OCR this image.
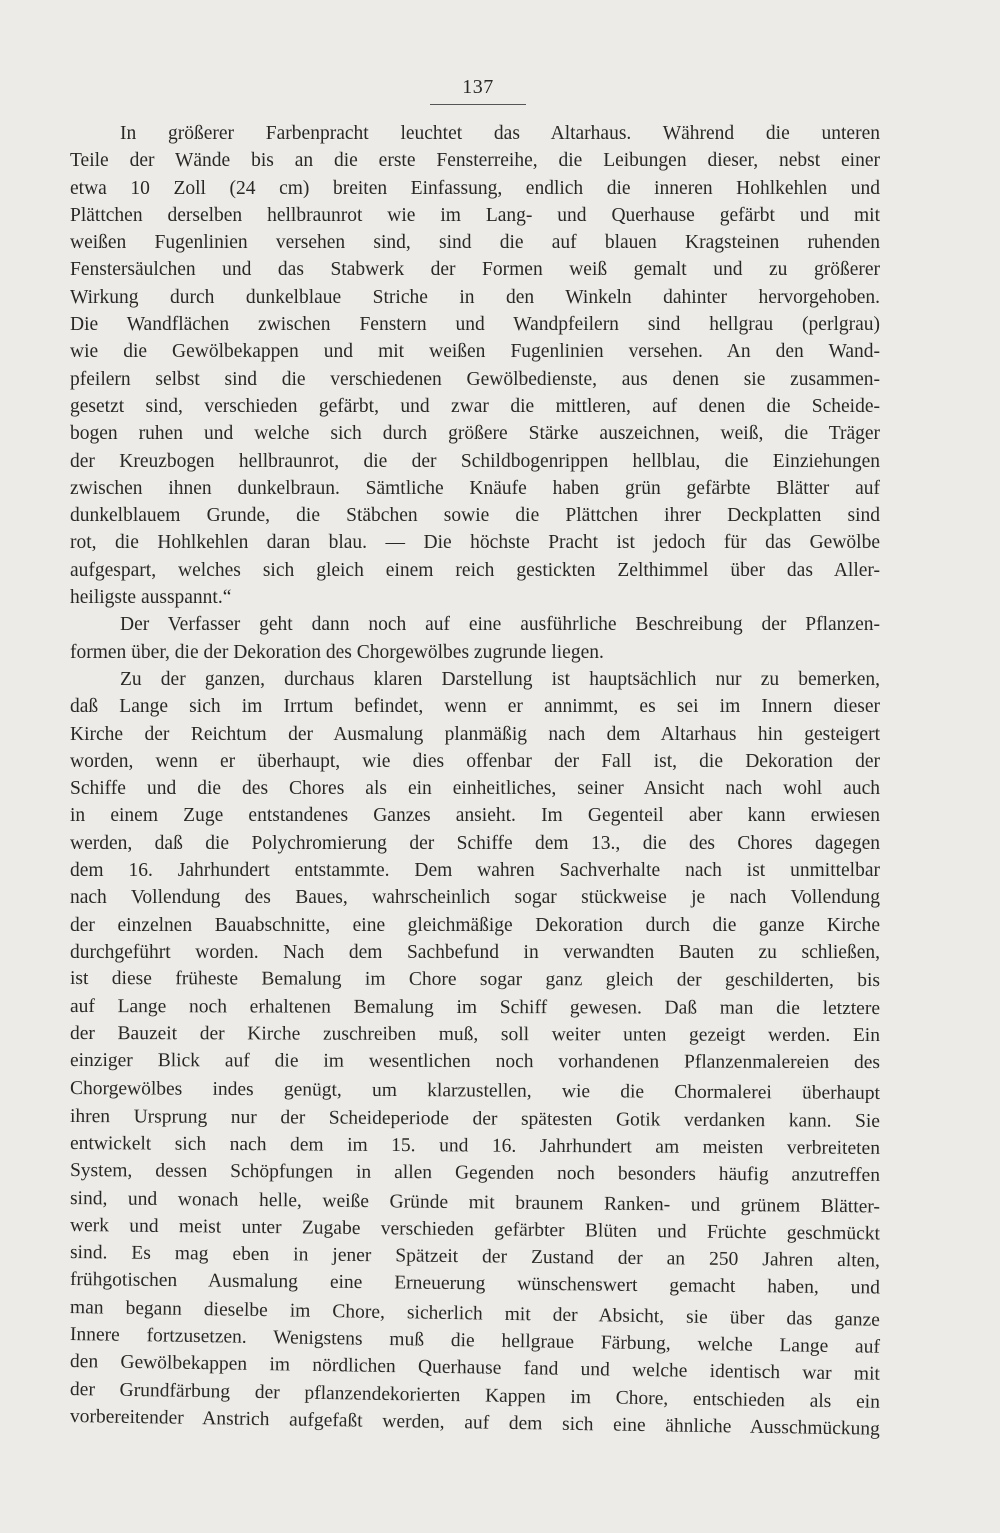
137
In größerer Farbenpracht leuchtet das Altarhaus. Während die unteren
Teile der Wände bis an die erste Fensterreihe, die Leibungen dieser, nebst einer
etwa 10 Zoll (24 cm) breiten Einfassung, endlich die inneren Hohlkehlen und
Plättchen derselben hellbraunrot wie im Lang- und Querhause gefärbt und mit
weißen Fugenlinien versehen sind, sind die auf blauen Kragsteinen ruhenden
Fenstersäulchen und das Stabwerk der Formen weiß gemalt und zu größerer
Wirkung durch dunkelblaue Striche in den Winkeln dahinter hervorgehoben.
Die Wandflächen zwischen Fenstern und Wandpfeilern sind hellgrau (perlgrau)
wie die Gewölbekappen und mit weißen Fugenlinien versehen. An den Wand-
pfeilern selbst sind die verschiedenen Gewölbedienste, aus denen sie zusammen-
gesetzt sind, verschieden gefärbt, und zwar die mittleren, auf denen die Scheide-
bogen ruhen und welche sich durch größere Stärke auszeichnen, weiß, die Träger
der Kreuzbogen hellbraunrot, die der Schildbogenrippen hellblau, die Einziehungen
zwischen ihnen dunkelbraun. Sämtliche Knäufe haben grün gefärbte Blätter auf
dunkelblauem Grunde, die Stäbchen sowie die Plättchen ihrer Deckplatten sind
rot, die Hohlkehlen daran blau. — Die höchste Pracht ist jedoch für das Gewölbe
aufgespart, welches sich gleich einem reich gestickten Zelthimmel über das Aller-
heiligste ausspannt.“
Der Verfasser geht dann noch auf eine ausführliche Beschreibung der Pflanzen-
formen über, die der Dekoration des Chorgewölbes zugrunde liegen.
Zu der ganzen, durchaus klaren Darstellung ist hauptsächlich nur zu bemerken,
daß Lange sich im Irrtum befindet, wenn er annimmt, es sei im Innern dieser
Kirche der Reichtum der Ausmalung planmäßig nach dem Altarhaus hin gesteigert
worden, wenn er überhaupt, wie dies offenbar der Fall ist, die Dekoration der
Schiffe und die des Chores als ein einheitliches, seiner Ansicht nach wohl auch
in einem Zuge entstandenes Ganzes ansieht. Im Gegenteil aber kann erwiesen
werden, daß die Polychromierung der Schiffe dem 13., die des Chores dagegen
dem 16. Jahrhundert entstammte. Dem wahren Sachverhalte nach ist unmittelbar
nach Vollendung des Baues, wahrscheinlich sogar stückweise je nach Vollendung
der einzelnen Bauabschnitte, eine gleichmäßige Dekoration durch die ganze Kirche
durchgeführt worden. Nach dem Sachbefund in verwandten Bauten zu schließen,
ist diese früheste Bemalung im Chore sogar ganz gleich der geschilderten, bis
auf Lange noch erhaltenen Bemalung im Schiff gewesen. Daß man die letztere
der Bauzeit der Kirche zuschreiben muß, soll weiter unten gezeigt werden. Ein
einziger Blick auf die im wesentlichen noch vorhandenen Pflanzenmalereien des
Chorgewölbes indes genügt, um klarzustellen, wie die Chormalerei überhaupt
ihren Ursprung nur der Scheideperiode der spätesten Gotik verdanken kann. Sie
entwickelt sich nach dem im 15. und 16. Jahrhundert am meisten verbreiteten
System, dessen Schöpfungen in allen Gegenden noch besonders häufig anzutreffen
sind, und wonach helle, weiße Gründe mit braunem Ranken- und grünem Blätter-
werk und meist unter Zugabe verschieden gefärbter Blüten und Früchte geschmückt
sind. Es mag eben in jener Spätzeit der Zustand der an 250 Jahren alten,
frühgotischen Ausmalung eine Erneuerung wünschenswert gemacht haben, und
man begann dieselbe im Chore, sicherlich mit der Absicht, sie über das ganze
Innere fortzusetzen. Wenigstens muß die hellgraue Färbung, welche Lange auf
den Gewölbekappen im nördlichen Querhause fand und welche identisch war mit
der Grundfärbung der pflanzendekorierten Kappen im Chore, entschieden als ein
vorbereitender Anstrich aufgefaßt werden, auf dem sich eine ähnliche Ausschmückung
